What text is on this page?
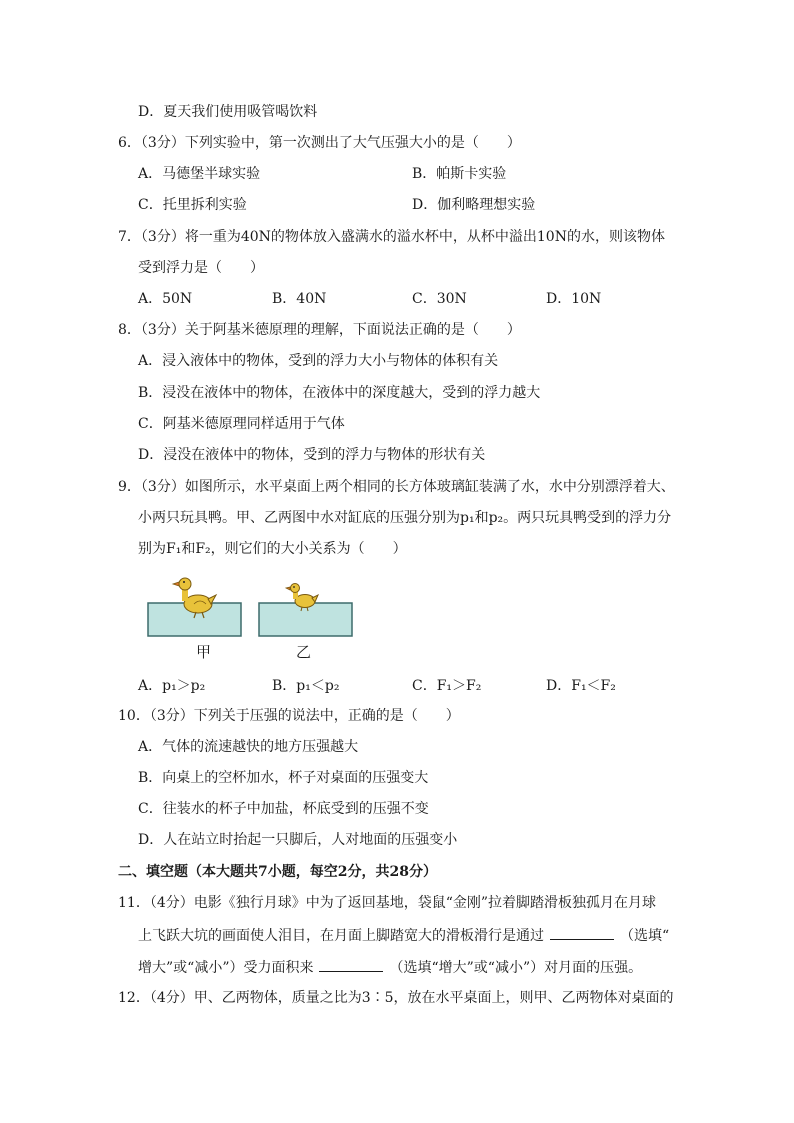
D．夏天我们使用吸管喝饮料
6．（3分）下列实验中，第一次测出了大气压强大小的是（　　）
A．马德堡半球实验	B．帕斯卡实验
C．托里拆利实验	D．伽利略理想实验
7．（3分）将一重为40N的物体放入盛满水的溢水杯中，从杯中溢出10N的水，则该物体
受到浮力是（　　）
A．50N	B．40N	C．30N	D．10N
8．（3分）关于阿基米德原理的理解，下面说法正确的是（　　）
A．浸入液体中的物体，受到的浮力大小与物体的体积有关
B．浸没在液体中的物体，在液体中的深度越大，受到的浮力越大
C．阿基米德原理同样适用于气体
D．浸没在液体中的物体，受到的浮力与物体的形状有关
9．（3分）如图所示，水平桌面上两个相同的长方体玻璃缸装满了水，水中分别漂浮着大、
小两只玩具鸭。甲、乙两图中水对缸底的压强分别为p₁和p₂。两只玩具鸭受到的浮力分
别为F₁和F₂，则它们的大小关系为（　　）
甲	乙
A．p₁＞p₂	B．p₁＜p₂	C．F₁＞F₂	D．F₁＜F₂
10．（3分）下列关于压强的说法中，正确的是（　　）
A．气体的流速越快的地方压强越大
B．向桌上的空杯加水，杯子对桌面的压强变大
C．往装水的杯子中加盐，杯底受到的压强不变
D．人在站立时抬起一只脚后，人对地面的压强变小
二、填空题（本大题共7小题，每空2分，共28分）
11．（4分）电影《独行月球》中为了返回基地，袋鼠“金刚”拉着脚踏滑板独孤月在月球
上飞跃大坑的画面使人泪目，在月面上脚踏宽大的滑板滑行是通过	（选填“
增大”或“减小”）受力面积来	（选填“增大”或“减小”）对月面的压强。
12．（4分）甲、乙两物体，质量之比为3∶5，放在水平桌面上，则甲、乙两物体对桌面的
